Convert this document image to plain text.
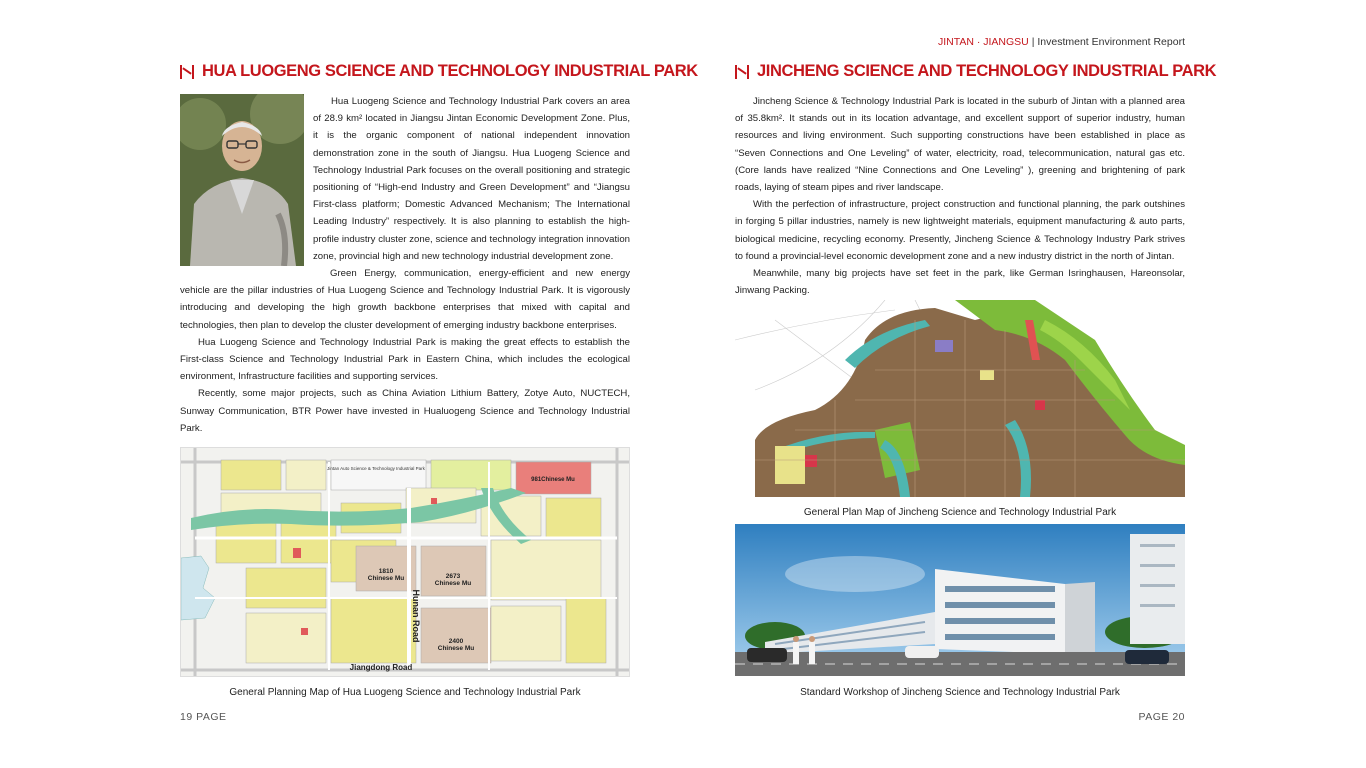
JINTAN · JIANGSU | Investment Environment Report
HUA LUOGENG SCIENCE AND TECHNOLOGY INDUSTRIAL PARK

Hua Luogeng Science and Technology Industrial Park covers an area of 28.9 km² located in Jiangsu Jintan Economic Development Zone. Plus, it is the organic component of national independent innovation demonstration zone in the south of Jiangsu. Hua Luogeng Science and Technology Industrial Park focuses on the overall positioning and strategic positioning of “High-end Industry and Green Development” and “Jiangsu First-class platform; Domestic Advanced Mechanism; The International Leading Industry” respectively. It is also planning to establish the high-profile industry cluster zone, science and technology integration innovation zone, provincial high and new technology industrial development zone.

Green Energy, communication, energy-efficient and new energy vehicle are the pillar industries of Hua Luogeng Science and Technology Industrial Park. It is vigorously introducing and developing the high growth backbone enterprises that mixed with capital and technologies, then plan to develop the cluster development of emerging industry backbone enterprises.

Hua Luogeng Science and Technology Industrial Park is making the great effects to establish the First-class Science and Technology Industrial Park in Eastern China, which includes the ecological environment, Infrastructure facilities and supporting services.

Recently, some major projects, such as China Aviation Lithium Battery, Zotye Auto, NUCTECH, Sunway Communication, BTR Power have invested in Hualuogeng Science and Technology Industrial Park.

Jintan Auto Science & Technology Industrial Park
981Chinese Mu
1810 Chinese Mu	2673 Chinese Mu
2400 Chinese Mu
Hunan Road
Jiangdong Road
General Planning Map of Hua Luogeng Science and Technology Industrial Park
19 PAGE
JINCHENG SCIENCE AND TECHNOLOGY INDUSTRIAL PARK

Jincheng Science & Technology Industrial Park is located in the suburb of Jintan with a planned area of 35.8km². It stands out in its location advantage, and excellent support of superior industry, human resources and living environment. Such supporting constructions have been established in place as “Seven Connections and One Leveling” of water, electricity, road, telecommunication, natural gas etc. (Core lands have realized “Nine Connections and One Leveling” ), greening and brightening of park roads, laying of steam pipes and river landscape.

With the perfection of infrastructure, project construction and functional planning, the park outshines in forging 5 pillar industries, namely is new lightweight materials, equipment manufacturing & auto parts, biological medicine, recycling economy. Presently, Jincheng Science & Technology Industry Park strives to found a provincial-level economic development zone and a new industry district in the north of Jintan.

Meanwhile, many big projects have set feet in the park, like German Isringhausen, Hareonsolar, Jinwang Packing.

General Plan Map of Jincheng Science and Technology Industrial Park
Standard Workshop of Jincheng Science and Technology Industrial Park
PAGE 20
